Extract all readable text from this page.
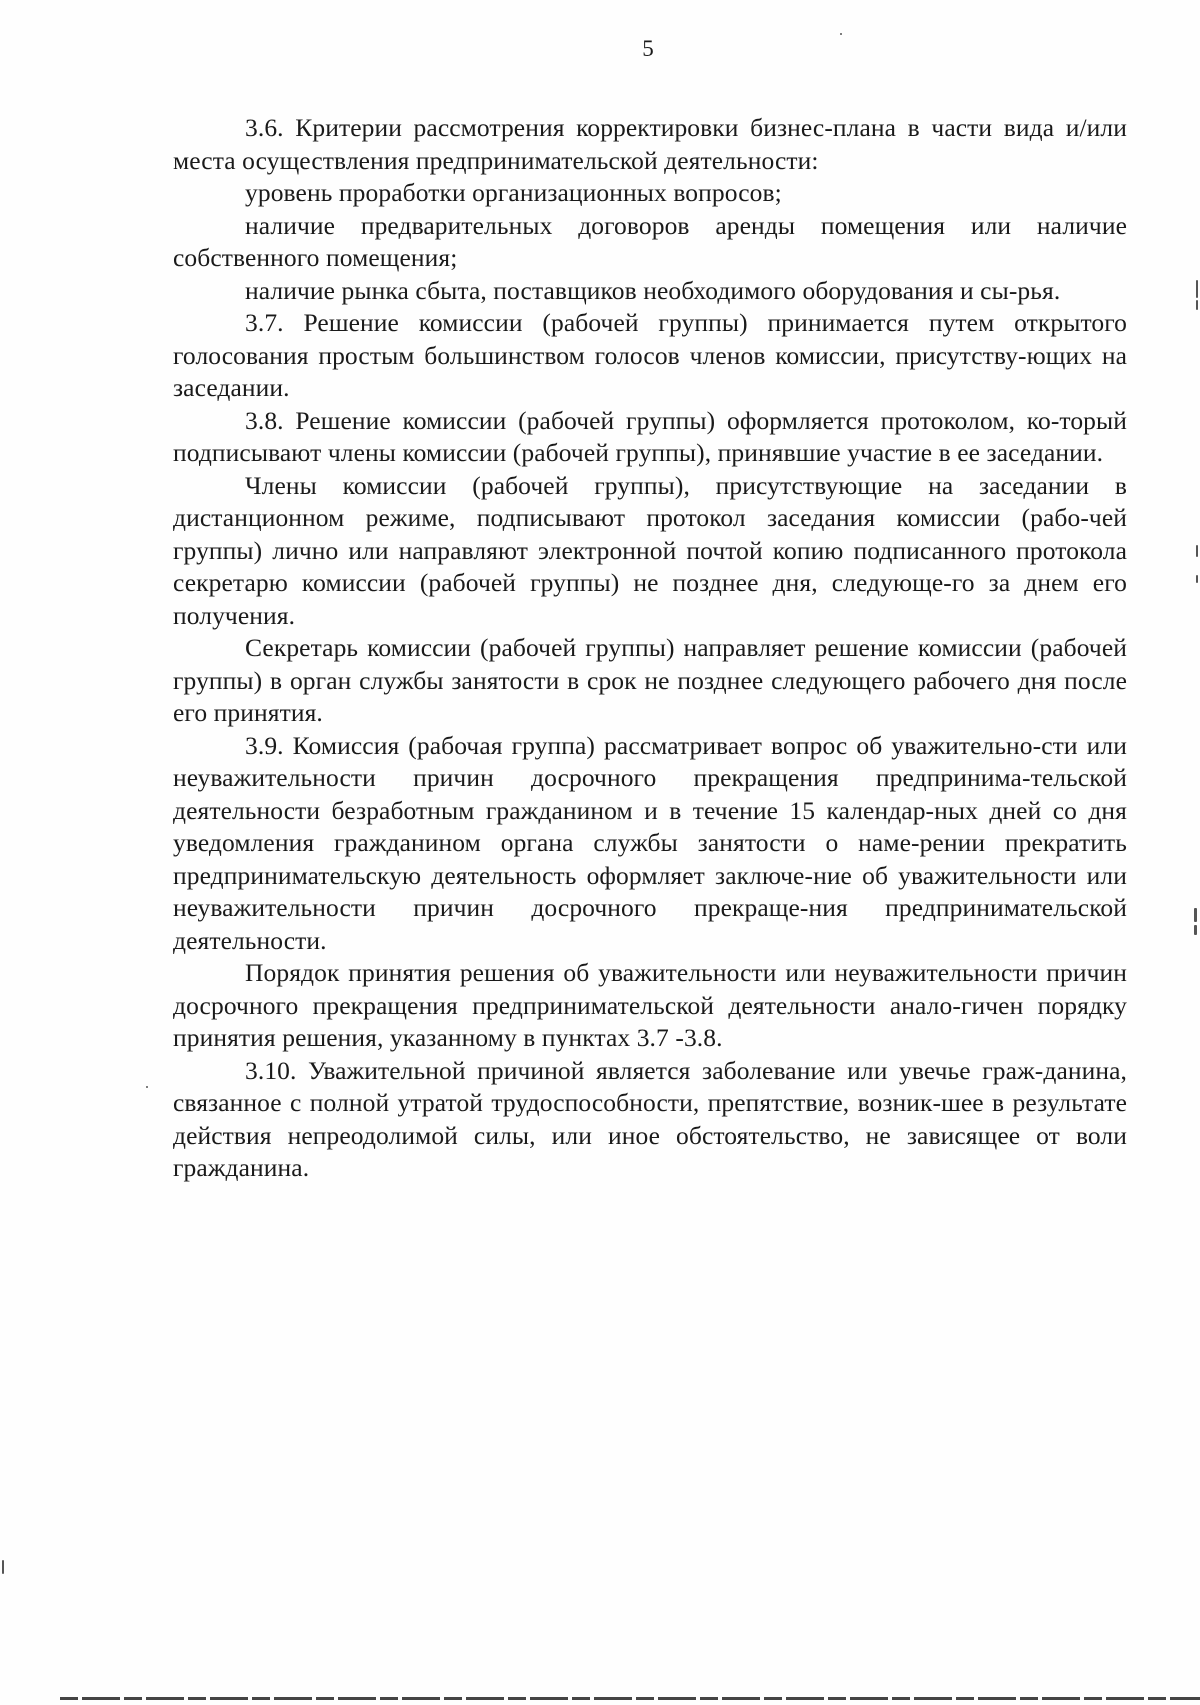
5

3.6. Критерии рассмотрения корректировки бизнес-плана в части вида и/или места осуществления предпринимательской деятельности:

уровень проработки организационных вопросов;

наличие предварительных договоров аренды помещения или наличие собственного помещения;

наличие рынка сбыта, поставщиков необходимого оборудования и сы-рья.

3.7. Решение комиссии (рабочей группы) принимается путем открытого голосования простым большинством голосов членов комиссии, присутству-ющих на заседании.

3.8. Решение комиссии (рабочей группы) оформляется протоколом, ко-торый подписывают члены комиссии (рабочей группы), принявшие участие в ее заседании.

Члены комиссии (рабочей группы), присутствующие на заседании в дистанционном режиме, подписывают протокол заседания комиссии (рабо-чей группы) лично или направляют электронной почтой копию подписанного протокола секретарю комиссии (рабочей группы) не позднее дня, следующе-го за днем его получения.

Секретарь комиссии (рабочей группы) направляет решение комиссии (рабочей группы) в орган службы занятости в срок не позднее следующего рабочего дня после его принятия.

3.9. Комиссия (рабочая группа) рассматривает вопрос об уважительно-сти или неуважительности причин досрочного прекращения предпринима-тельской деятельности безработным гражданином и в течение 15 календар-ных дней со дня уведомления гражданином органа службы занятости о наме-рении прекратить предпринимательскую деятельность оформляет заключе-ние об уважительности или неуважительности причин досрочного прекраще-ния предпринимательской деятельности.

Порядок принятия решения об уважительности или неуважительности причин досрочного прекращения предпринимательской деятельности анало-гичен порядку принятия решения, указанному в пунктах 3.7 -3.8.

3.10. Уважительной причиной является заболевание или увечье граж-данина, связанное с полной утратой трудоспособности, препятствие, возник-шее в результате действия непреодолимой силы, или иное обстоятельство, не зависящее от воли гражданина.
